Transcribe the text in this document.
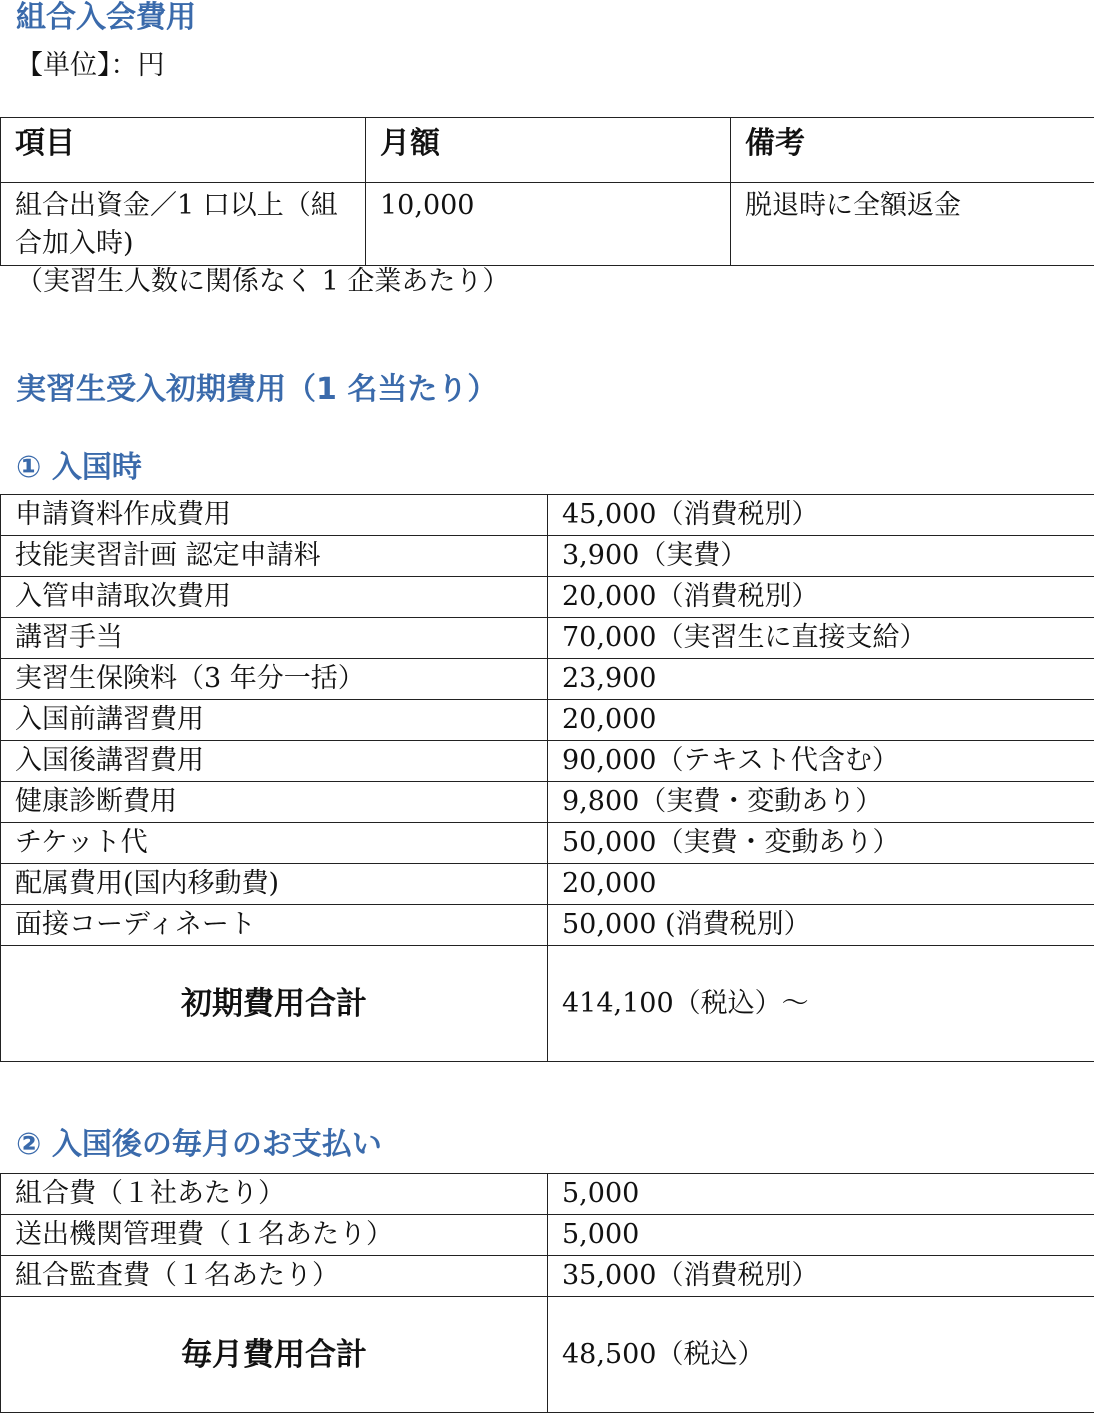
組合入会費用

【単位】：円

項目	月額	備考
組合出資金／1 口以上（組合加入時)	10,000	脱退時に全額返金

（実習生人数に関係なく 1 企業あたり）

実習生受入初期費用（1 名当たり）
① 入国時
申請資料作成費用	45,000（消費税別）
技能実習計画 認定申請料	3,900（実費）
入管申請取次費用	20,000（消費税別）
講習手当	70,000（実習生に直接支給）
実習生保険料（3 年分一括）	23,900
入国前講習費用	20,000
入国後講習費用	90,000（テキスト代含む）
健康診断費用	9,800（実費・変動あり）
チケット代	50,000（実費・変動あり）
配属費用(国内移動費)	20,000
面接コーディネート	50,000 (消費税別）
初期費用合計	414,100（税込）～
② 入国後の毎月のお支払い
組合費（１社あたり）	5,000
送出機関管理費（１名あたり）	5,000
組合監査費（１名あたり）	35,000（消費税別）
毎月費用合計	48,500（税込）
